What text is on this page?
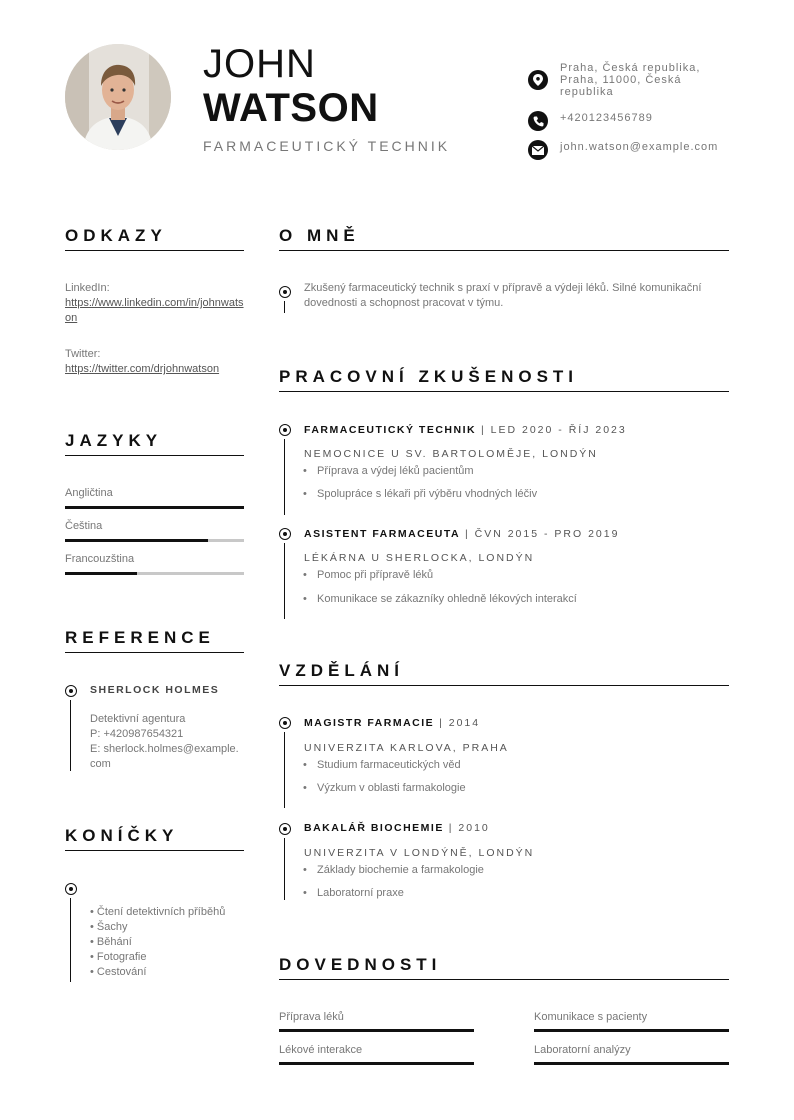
JOHN
WATSON
FARMACEUTICKÝ TECHNIK
Praha, Česká republika, Praha, 11000, Česká republika
+420123456789
john.watson@example.com
ODKAZY
LinkedIn:
https://www.linkedin.com/in/johnwatson
Twitter:
https://twitter.com/drjohnwatson
JAZYKY
Angličtina
Čeština
Francouzština
REFERENCE
SHERLOCK HOLMES
Detektivní agentura
P: +420987654321
E: sherlock.holmes@example.com
KONÍČKY
• Čtení detektivních příběhů
• Šachy
• Běhání
• Fotografie
• Cestování
O MNĚ
Zkušený farmaceutický technik s praxí v přípravě a výdeji léků. Silné komunikační dovednosti a schopnost pracovat v týmu.
PRACOVNÍ ZKUŠENOSTI
FARMACEUTICKÝ TECHNIK | LED 2020 - ŘÍJ 2023
NEMOCNICE U SV. BARTOLOMĚJE, LONDÝN
• Příprava a výdej léků pacientům
• Spolupráce s lékaři při výběru vhodných léčiv
ASISTENT FARMACEUTA | ČVN 2015 - PRO 2019
LÉKÁRNA U SHERLOCKA, LONDÝN
• Pomoc při přípravě léků
• Komunikace se zákazníky ohledně lékových interakcí
VZDĚLÁNÍ
MAGISTR FARMACIE | 2014
UNIVERZITA KARLOVA, PRAHA
• Studium farmaceutických věd
• Výzkum v oblasti farmakologie
BAKALÁŘ BIOCHEMIE | 2010
UNIVERZITA V LONDÝNĚ, LONDÝN
• Základy biochemie a farmakologie
• Laboratorní praxe
DOVEDNOSTI
Příprava léků	Komunikace s pacienty
Lékové interakce	Laboratorní analýzy
